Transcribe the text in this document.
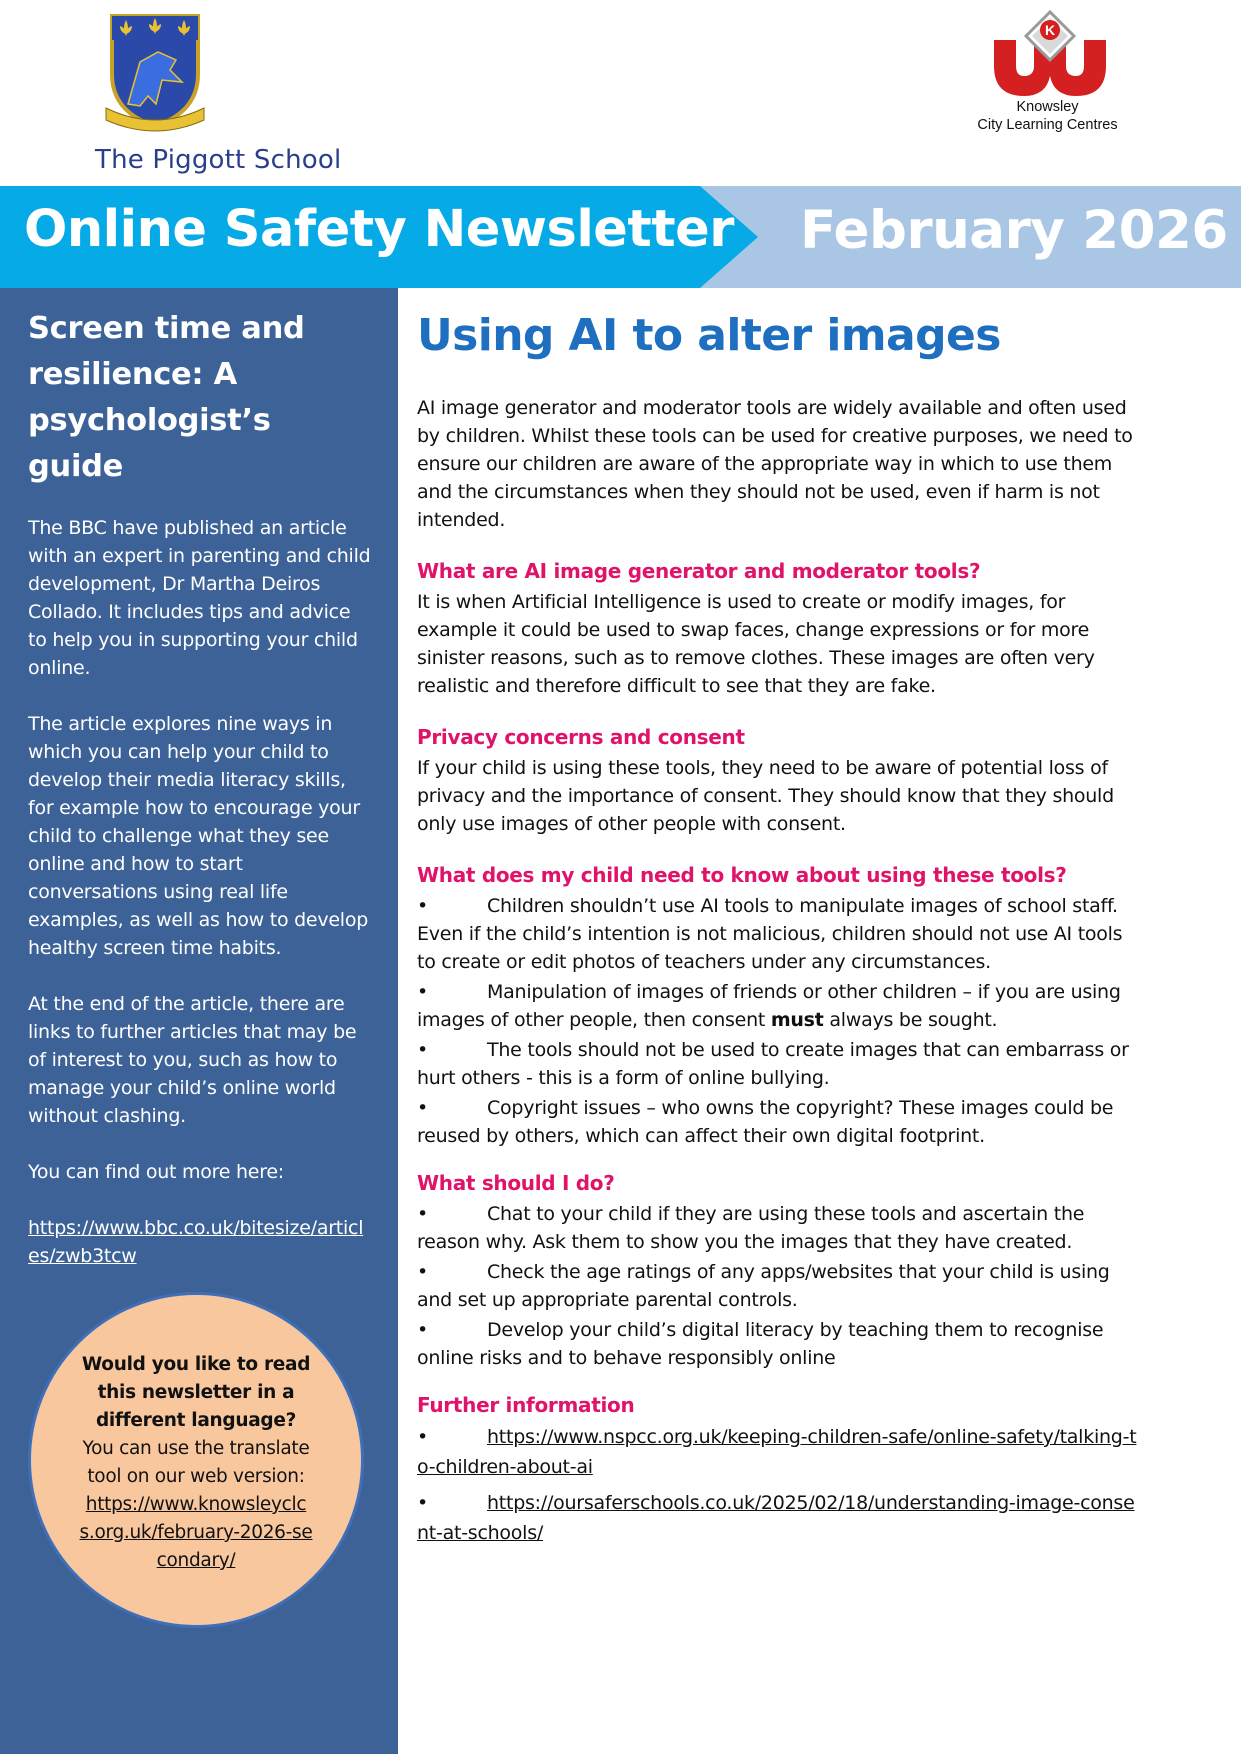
The Piggott School
K
Knowsley
City Learning Centres
Online Safety Newsletter February 2026
Screen time and resilience: A psychologist’s guide

The BBC have published an article with an expert in parenting and child development, Dr Martha Deiros Collado. It includes tips and advice to help you in supporting your child online.

The article explores nine ways in which you can help your child to develop their media literacy skills, for example how to encourage your child to challenge what they see online and how to start conversations using real life examples, as well as how to develop healthy screen time habits.

At the end of the article, there are links to further articles that may be of interest to you, such as how to manage your child’s online world without clashing.

You can find out more here:

https://www.bbc.co.uk/bitesize/articles/zwb3tcw

Would you like to read this newsletter in a different language? You can use the translate tool on our web version: https://www.knowsleyclcs.org.uk/february-2026-secondary/
Using AI to alter images

AI image generator and moderator tools are widely available and often used by children. Whilst these tools can be used for creative purposes, we need to ensure our children are aware of the appropriate way in which to use them and the circumstances when they should not be used, even if harm is not intended.

What are AI image generator and moderator tools?

It is when Artificial Intelligence is used to create or modify images, for example it could be used to swap faces, change expressions or for more sinister reasons, such as to remove clothes. These images are often very realistic and therefore difficult to see that they are fake.

Privacy concerns and consent

If your child is using these tools, they need to be aware of potential loss of privacy and the importance of consent. They should know that they should only use images of other people with consent.

What does my child need to know about using these tools?
•	Children shouldn’t use AI tools to manipulate images of school staff. Even if the child’s intention is not malicious, children should not use AI tools to create or edit photos of teachers under any circumstances.
•	Manipulation of images of friends or other children – if you are using images of other people, then consent must always be sought.
•	The tools should not be used to create images that can embarrass or hurt others - this is a form of online bullying.
•	Copyright issues – who owns the copyright? These images could be reused by others, which can affect their own digital footprint.
What should I do?
•	Chat to your child if they are using these tools and ascertain the reason why. Ask them to show you the images that they have created.
•	Check the age ratings of any apps/websites that your child is using and set up appropriate parental controls.
•	Develop your child’s digital literacy by teaching them to recognise online risks and to behave responsibly online
Further information
•	https://www.nspcc.org.uk/keeping-children-safe/online-safety/talking-to-children-about-ai
•	https://oursaferschools.co.uk/2025/02/18/understanding-image-consent-at-schools/
